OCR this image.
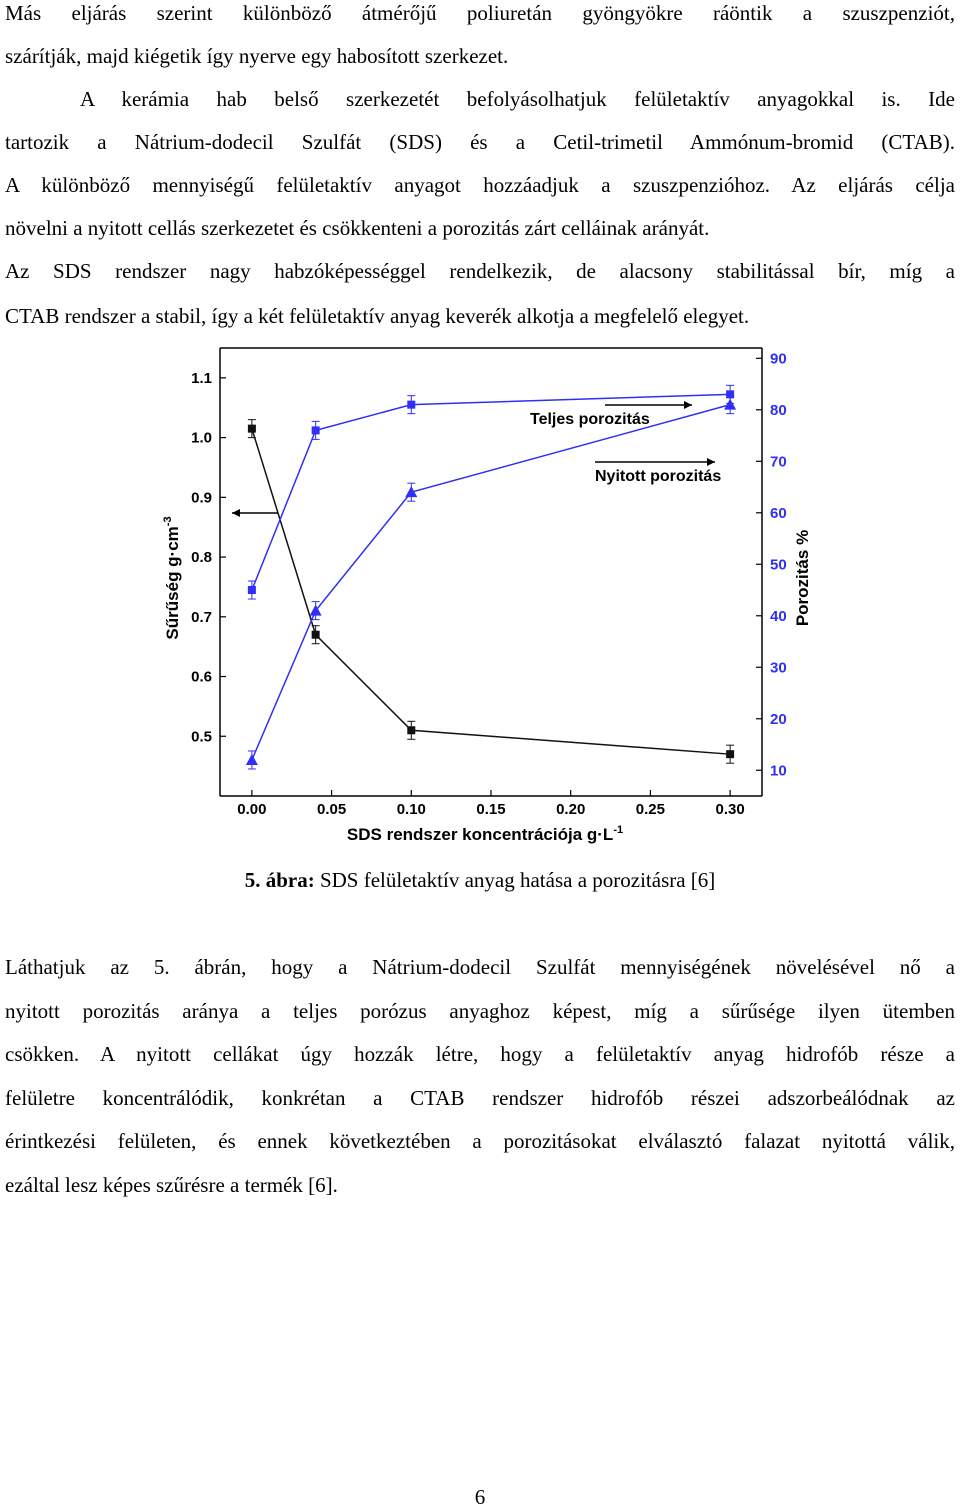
Más eljárás szerint különböző átmérőjű poliuretán gyöngyökre ráöntik a szuszpenziót,
szárítják, majd kiégetik így nyerve egy habosított szerkezet.
A kerámia hab belső szerkezetét befolyásolhatjuk felületaktív anyagokkal is. Ide
tartozik a Nátrium-dodecil Szulfát (SDS) és a Cetil-trimetil Ammónum-bromid (CTAB).
A különböző mennyiségű felületaktív anyagot hozzáadjuk a szuszpenzióhoz. Az eljárás célja
növelni a nyitott cellás szerkezetet és csökkenteni a porozitás zárt celláinak arányát.
Az SDS rendszer nagy habzóképességgel rendelkezik, de alacsony stabilitással bír, míg a
CTAB rendszer a stabil, így a két felületaktív anyag keverék alkotja a megfelelő elegyet.
0.00	0.05	0.10	0.15	0.20	0.25	0.30
0.5
0.6
0.7
0.8
0.9
1.0
1.1
10
20
30
40
50
60
70
80
90
Sűrűség $g\cdot cm^{-3}$
Porozitás %
SDS rendszer koncentrációja $g\cdot L^{-1}$
Teljes porozitás
Nyitott porozitás
5. ábra: SDS felületaktív anyag hatása a porozitásra [6]
Láthatjuk az 5. ábrán, hogy a Nátrium-dodecil Szulfát mennyiségének növelésével nő a
nyitott porozitás aránya a teljes porózus anyaghoz képest, míg a sűrűsége ilyen ütemben
csökken. A nyitott cellákat úgy hozzák létre, hogy a felületaktív anyag hidrofób része a
felületre koncentrálódik, konkrétan a CTAB rendszer hidrofób részei adszorbeálódnak az
érintkezési felületen, és ennek következtében a porozitásokat elválasztó falazat nyitottá válik,
ezáltal lesz képes szűrésre a termék [6].
6
